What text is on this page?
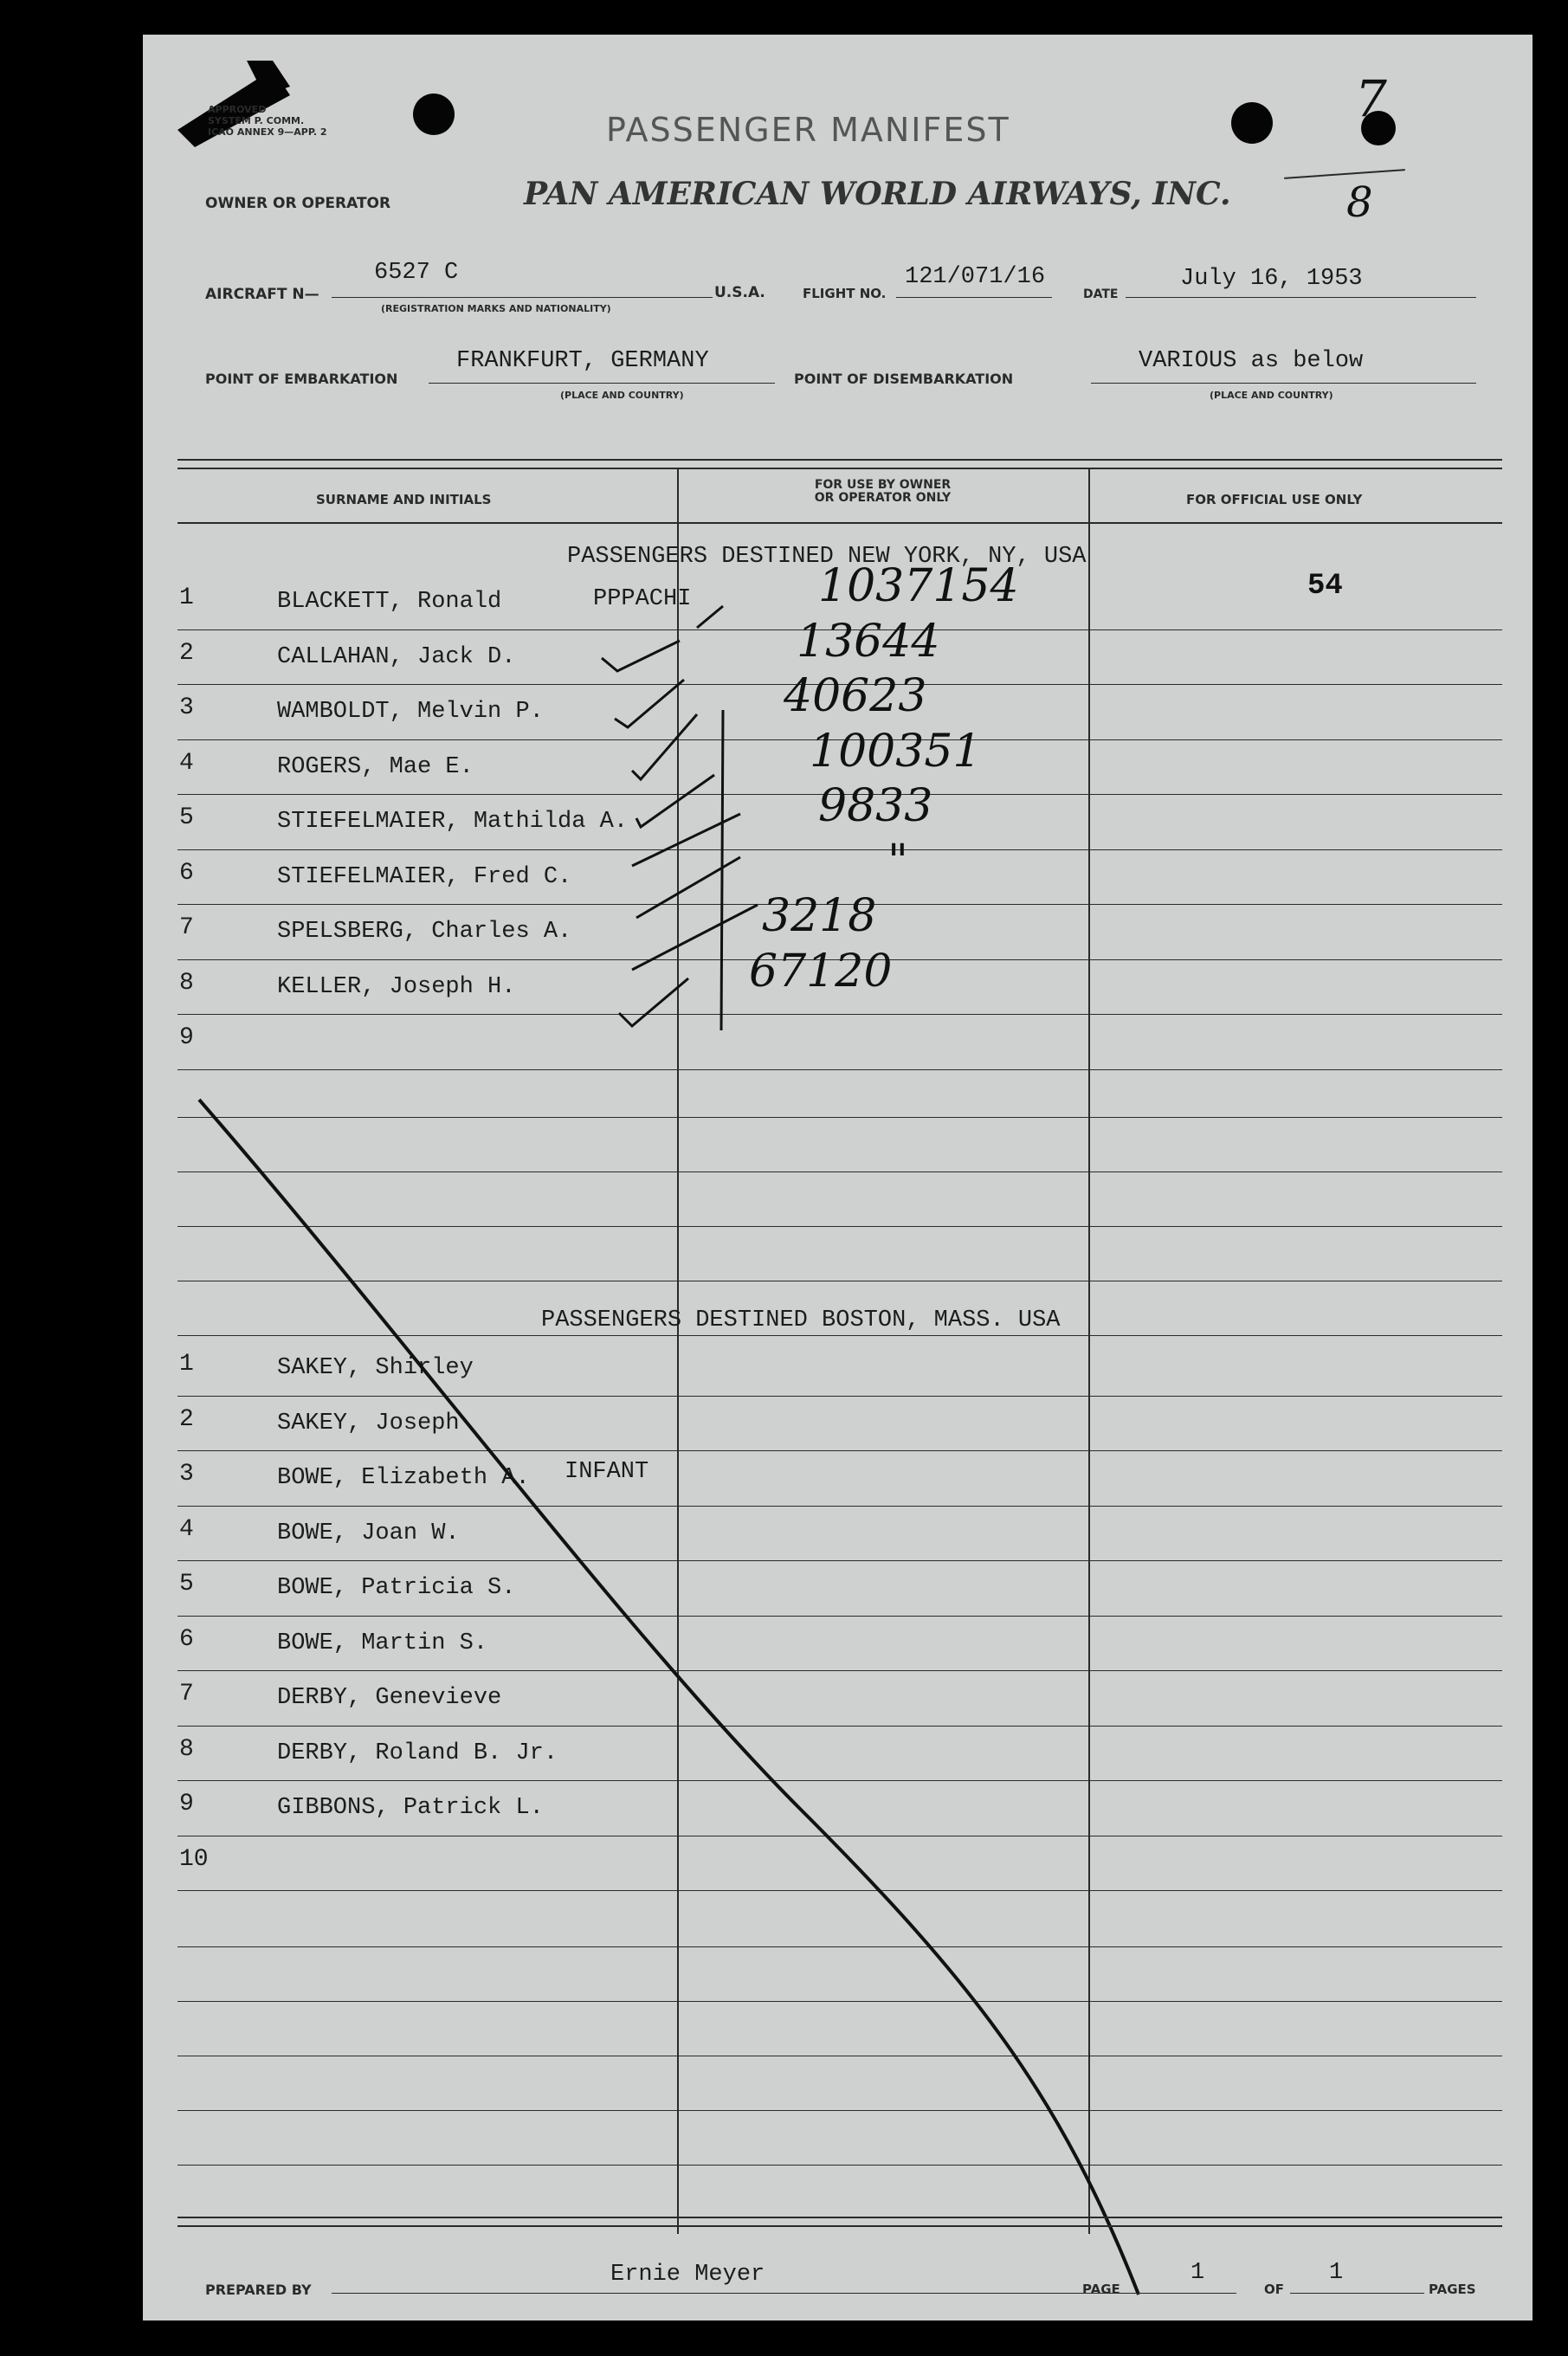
APPROVED
SYSTEM P. COMM.
ICAO ANNEX 9—APP. 2	PASSENGER MANIFEST
OWNER OR OPERATOR	PAN AMERICAN WORLD AIRWAYS, INC.
7
8
AIRCRAFT N—
6527 C
(REGISTRATION MARKS AND NATIONALITY)
U.S.A.	FLIGHT NO.
121/071/16
DATE
July 16, 1953
POINT OF EMBARKATION
FRANKFURT, GERMANY
(PLACE AND COUNTRY)
POINT OF DISEMBARKATION
VARIOUS as below
(PLACE AND COUNTRY)
SURNAME AND INITIALS
FOR USE BY OWNER
OR OPERATOR ONLY	FOR OFFICIAL USE ONLY
PASSENGERS DESTINED NEW YORK, NY, USA
54
1	BLACKETT, Ronald	PPPACHI	1037154
2	CALLAHAN, Jack D.	13644
3	WAMBOLDT, Melvin P.	40623
4	ROGERS, Mae E.	100351
5	STIEFELMAIER, Mathilda A.	9833
6	STIEFELMAIER, Fred C.	"
7	SPELSBERG, Charles A.	3218
8	KELLER, Joseph H.	67120
9
PASSENGERS DESTINED BOSTON, MASS. USA
1	SAKEY, Shirley
2	SAKEY, Joseph
3	BOWE, Elizabeth A. INFANT
4	BOWE, Joan W.
5	BOWE, Patricia S.
6	BOWE, Martin S.
7	DERBY, Genevieve
8	DERBY, Roland B. Jr.
9	GIBBONS, Patrick L.
10
PREPARED BY
Ernie Meyer
PAGE
1
OF
1
PAGES
